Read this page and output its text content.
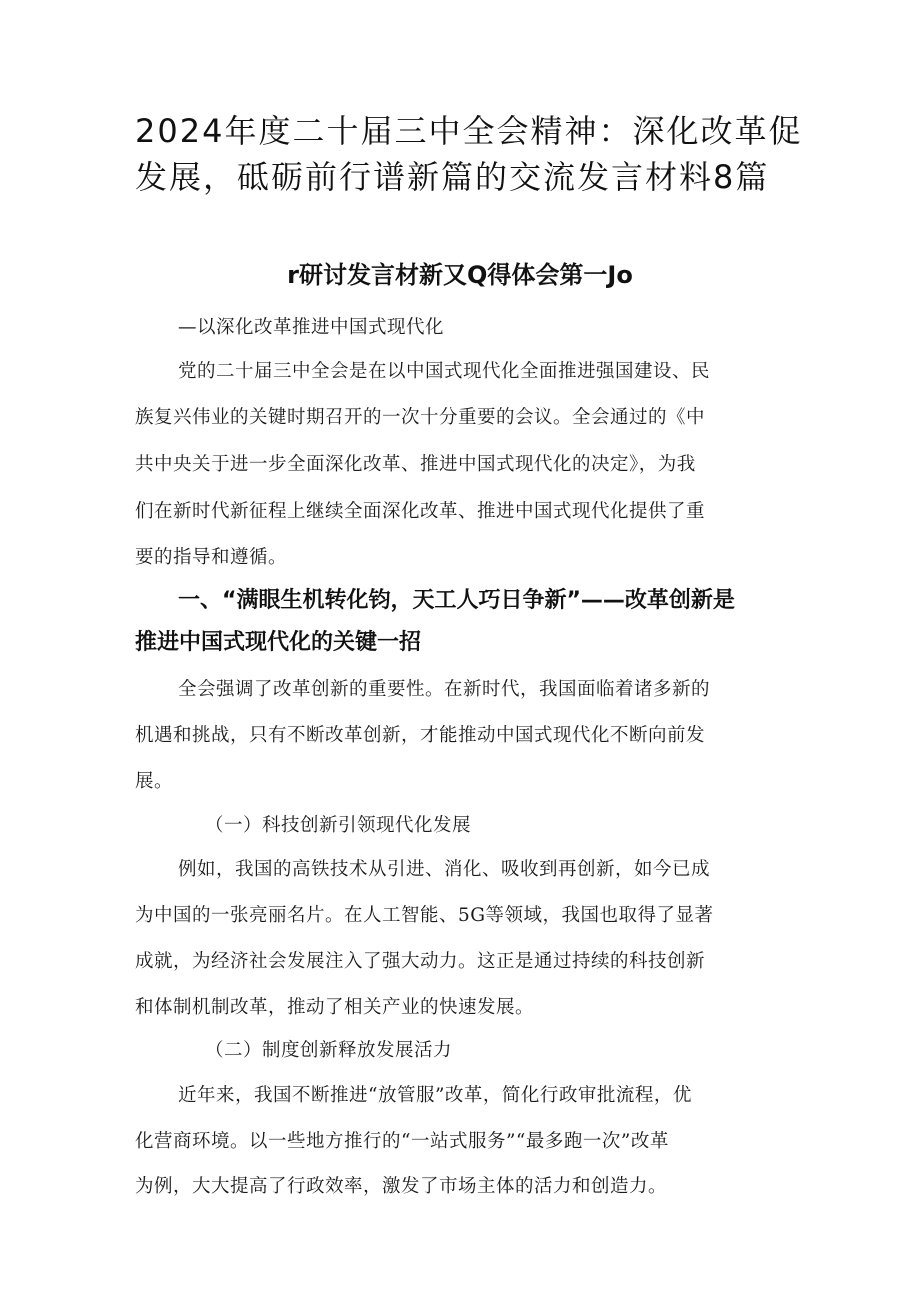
2024年度二十届三中全会精神：深化改革促
发展，砥砺前行谱新篇的交流发言材料8篇
r研讨发言材新又Q得体会第一Jo
—以深化改革推进中国式现代化
党的二十届三中全会是在以中国式现代化全面推进强国建设、民
族复兴伟业的关键时期召开的一次十分重要的会议。全会通过的《中
共中央关于进一步全面深化改革、推进中国式现代化的决定》，为我
们在新时代新征程上继续全面深化改革、推进中国式现代化提供了重
要的指导和遵循。
一、“满眼生机转化钧，天工人巧日争新”——改革创新是
推进中国式现代化的关键一招
全会强调了改革创新的重要性。在新时代，我国面临着诸多新的
机遇和挑战，只有不断改革创新，才能推动中国式现代化不断向前发
展。
（一）科技创新引领现代化发展
例如，我国的高铁技术从引进、消化、吸收到再创新，如今已成
为中国的一张亮丽名片。在人工智能、5G等领域，我国也取得了显著
成就，为经济社会发展注入了强大动力。这正是通过持续的科技创新
和体制机制改革，推动了相关产业的快速发展。
（二）制度创新释放发展活力
近年来，我国不断推进“放管服”改革，简化行政审批流程，优
化营商环境。以一些地方推行的“一站式服务”“最多跑一次”改革
为例，大大提高了行政效率，激发了市场主体的活力和创造力。
